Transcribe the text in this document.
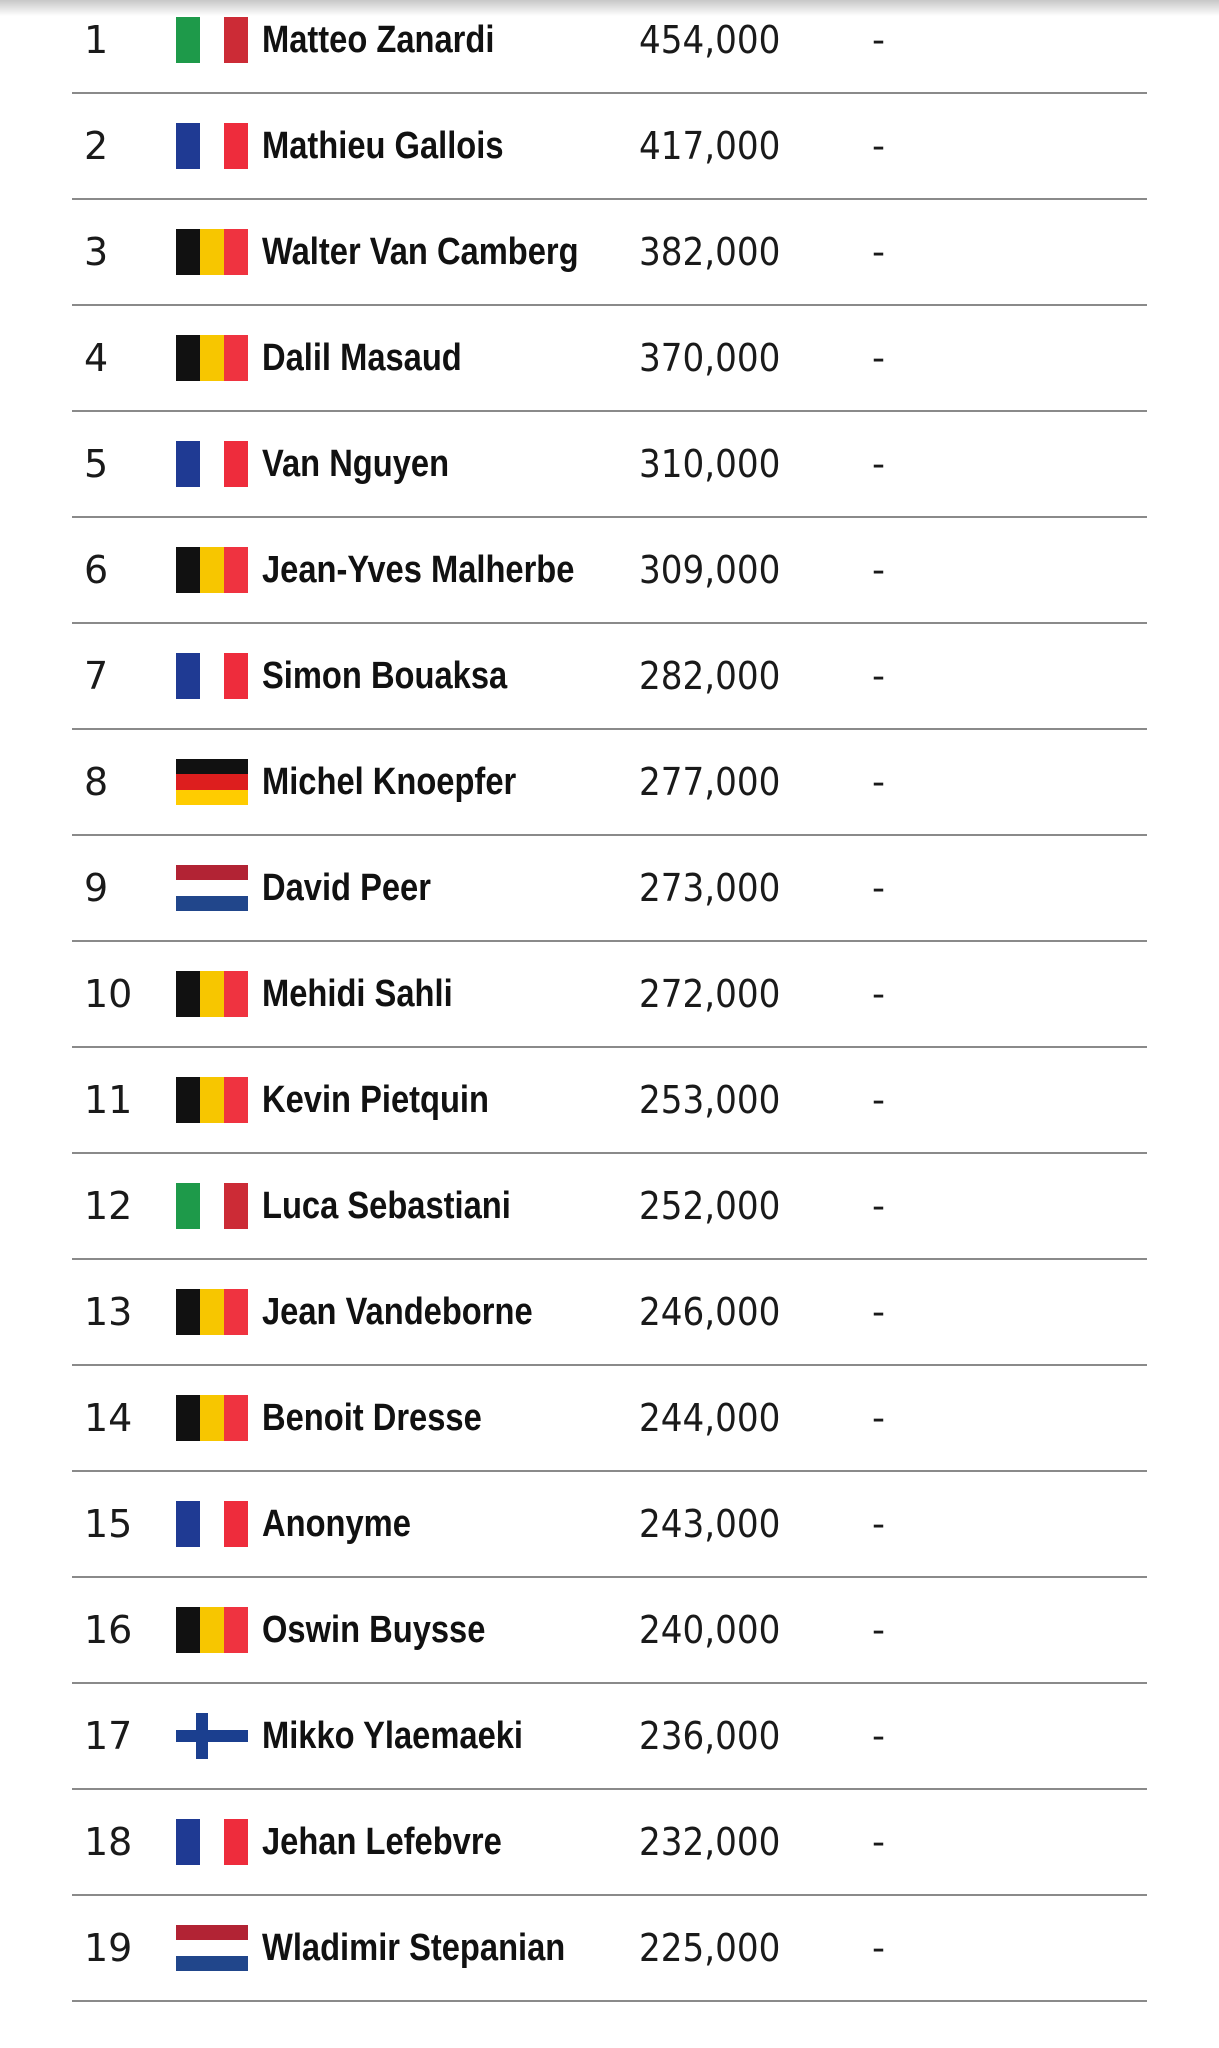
1	Matteo Zanardi	454,000	-
2	Mathieu Gallois	417,000	-
3	Walter Van Camberg	382,000	-
4	Dalil Masaud	370,000	-
5	Van Nguyen	310,000	-
6	Jean-Yves Malherbe	309,000	-
7	Simon Bouaksa	282,000	-
8	Michel Knoepfer	277,000	-
9	David Peer	273,000	-
10	Mehidi Sahli	272,000	-
11	Kevin Pietquin	253,000	-
12	Luca Sebastiani	252,000	-
13	Jean Vandeborne	246,000	-
14	Benoit Dresse	244,000	-
15	Anonyme	243,000	-
16	Oswin Buysse	240,000	-
17	Mikko Ylaemaeki	236,000	-
18	Jehan Lefebvre	232,000	-
19	Wladimir Stepanian	225,000	-
